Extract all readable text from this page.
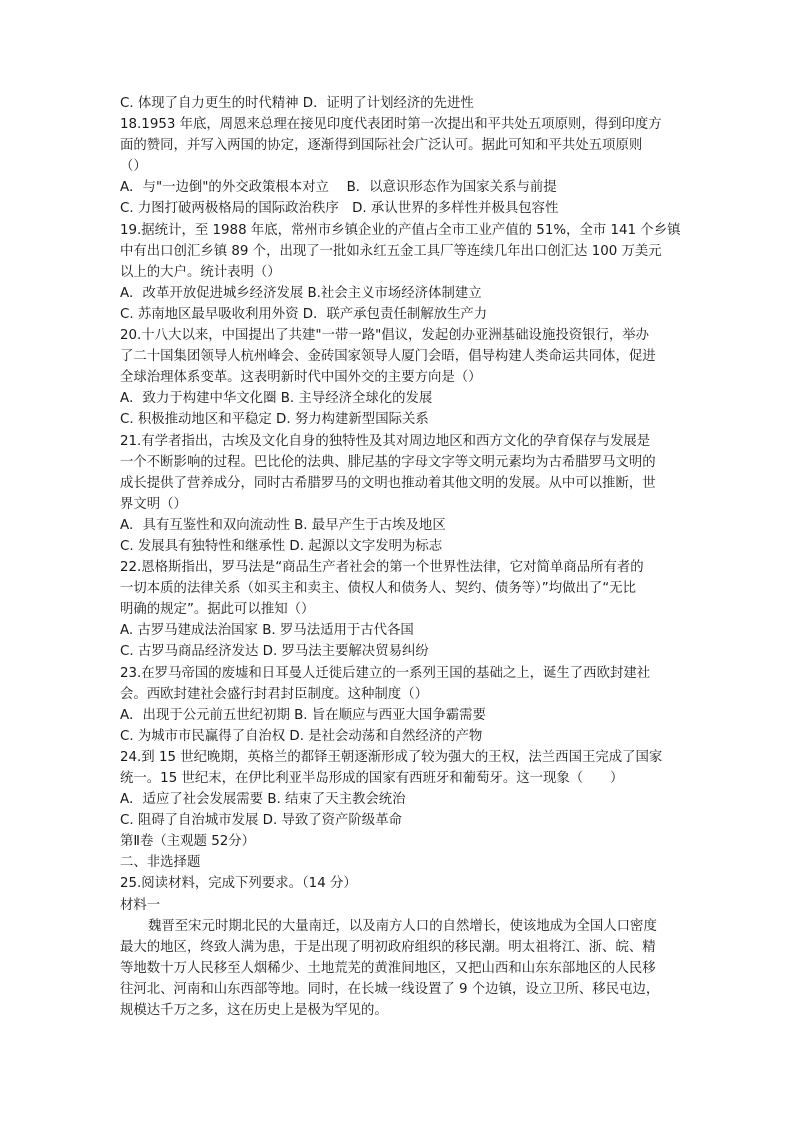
C. 体现了自力更生的时代精神 D．证明了计划经济的先进性
18.1953 年底，周恩来总理在接见印度代表团时第一次提出和平共处五项原则，得到印度方
面的赞同，并写入两国的协定，逐渐得到国际社会广泛认可。据此可知和平共处五项原则
（）
A．与"一边倒"的外交政策根本对立 　B．以意识形态作为国家关系与前提
C. 力图打破两极格局的国际政治秩序　D. 承认世界的多样性并极具包容性
19.据统计，至 1988 年底，常州市乡镇企业的产值占全市工业产值的 51%，全市 141 个乡镇
中有出口创汇乡镇 89 个，出现了一批如永红五金工具厂等连续几年出口创汇达 100 万美元
以上的大户。统计表明（）
A．改革开放促进城乡经济发展 B.社会主义市场经济体制建立
C. 苏南地区最早吸收利用外资 D．联产承包责任制解放生产力
20.十八大以来，中国提出了共建"一带一路"倡议，发起创办亚洲基础设施投资银行，举办
了二十国集团领导人杭州峰会、金砖国家领导人厦门会晤，倡导构建人类命运共同体，促进
全球治理体系变革。这表明新时代中国外交的主要方向是（）
A．致力于构建中华文化圈 B. 主导经济全球化的发展
C. 积极推动地区和平稳定 D. 努力构建新型国际关系
21.有学者指出，古埃及文化自身的独特性及其对周边地区和西方文化的孕育保存与发展是
一个不断影响的过程。巴比伦的法典、腓尼基的字母文字等文明元素均为古希腊罗马文明的
成长提供了营养成分，同时古希腊罗马的文明也推动着其他文明的发展。从中可以推断，世
界文明（）
A．具有互鉴性和双向流动性 B. 最早产生于古埃及地区
C. 发展具有独特性和继承性 D. 起源以文字发明为标志
22.恩格斯指出，罗马法是“商品生产者社会的第一个世界性法律，它对简单商品所有者的
一切本质的法律关系（如买主和卖主、债权人和债务人、契约、债务等）”均做出了“无比
明确的规定”。据此可以推知（）
A. 古罗马建成法治国家 B. 罗马法适用于古代各国
C. 古罗马商品经济发达 D. 罗马法主要解决贸易纠纷
23.在罗马帝国的废墟和日耳曼人迁徙后建立的一系列王国的基础之上，诞生了西欧封建社
会。西欧封建社会盛行封君封臣制度。这种制度（）
A．出现于公元前五世纪初期 B. 旨在顺应与西亚大国争霸需要
C. 为城市市民赢得了自治权 D. 是社会动荡和自然经济的产物
24.到 15 世纪晚期，英格兰的都铎王朝逐渐形成了较为强大的王权，法兰西国王完成了国家
统一。15 世纪末，在伊比利亚半岛形成的国家有西班牙和葡萄牙。这一现象（　　）
A．适应了社会发展需要 B. 结束了天主教会统治
C. 阻碍了自治城市发展 D. 导致了资产阶级革命
第Ⅱ卷（主观题 52分）
二、非选择题
25.阅读材料，完成下列要求。（14 分）
材料一
魏晋至宋元时期北民的大量南迁，以及南方人口的自然增长，使该地成为全国人口密度
最大的地区，终致人满为患，于是出现了明初政府组织的移民潮。明太祖将江、浙、皖、精
等地数十万人民移至人烟稀少、土地荒芜的黄淮间地区，又把山西和山东东部地区的人民移
往河北、河南和山东西部等地。同时，在长城一线设置了 9 个边镇，设立卫所、移民屯边，
规模达千万之多，这在历史上是极为罕见的。
